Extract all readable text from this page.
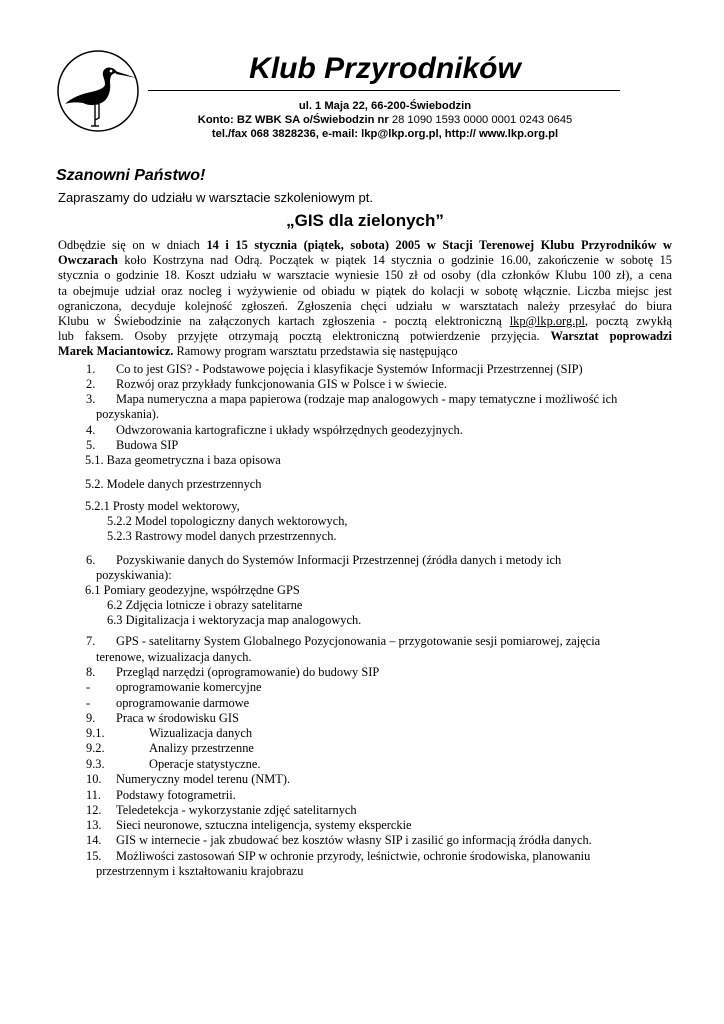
Klub Przyrodników
ul. 1 Maja 22, 66-200-Świebodzin
Konto: BZ WBK SA o/Świebodzin nr 28 1090 1593 0000 0001 0243 0645
tel./fax 068 3828236, e-mail: lkp@lkp.org.pl, http:// www.lkp.org.pl
Szanowni Państwo!
Zapraszamy do udziału w warsztacie szkoleniowym pt.
„GIS dla zielonych”
Odbędzie się on w dniach 14 i 15 stycznia (piątek, sobota) 2005 w Stacji Terenowej Klubu Przyrodników w
Owczarach koło Kostrzyna nad Odrą. Początek w piątek 14 stycznia o godzinie 16.00, zakończenie w sobotę 15
stycznia o godzinie 18. Koszt udziału w warsztacie wyniesie 150 zł od osoby (dla członków Klubu 100 zł), a cena
ta obejmuje udział oraz nocleg i wyżywienie od obiadu w piątek do kolacji w sobotę włącznie. Liczba miejsc jest
ograniczona, decyduje kolejność zgłoszeń. Zgłoszenia chęci udziału w warsztatach należy przesyłać do biura
Klubu w Świebodzinie na załączonych kartach zgłoszenia - pocztą elektroniczną lkp@lkp.org.pl, pocztą zwykłą
lub faksem. Osoby przyjęte otrzymają pocztą elektroniczną potwierdzenie przyjęcia. Warsztat poprowadzi
Marek Maciantowicz. Ramowy program warsztatu przedstawia się następująco
1. Co to jest GIS? - Podstawowe pojęcia i klasyfikacje Systemów Informacji Przestrzennej (SIP)
2. Rozwój oraz przykłady funkcjonowania GIS w Polsce i w świecie.
3. Mapa numeryczna a mapa papierowa (rodzaje map analogowych - mapy tematyczne i możliwość ich
pozyskania).
4. Odwzorowania kartograficzne i układy współrzędnych geodezyjnych.
5. Budowa SIP
5.1. Baza geometryczna i baza opisowa
5.2. Modele danych przestrzennych
5.2.1 Prosty model wektorowy,
5.2.2 Model topologiczny danych wektorowych,
5.2.3 Rastrowy model danych przestrzennych.
6. Pozyskiwanie danych do Systemów Informacji Przestrzennej (źródła danych i metody ich
pozyskiwania):
6.1 Pomiary geodezyjne, współrzędne GPS
6.2 Zdjęcia lotnicze i obrazy satelitarne
6.3 Digitalizacja i wektoryzacja map analogowych.
7. GPS - satelitarny System Globalnego Pozycjonowania – przygotowanie sesji pomiarowej, zajęcia
terenowe, wizualizacja danych.
8. Przegląd narzędzi (oprogramowanie) do budowy SIP
- oprogramowanie komercyjne
- oprogramowanie darmowe
9. Praca w środowisku GIS
9.1.	Wizualizacja danych
9.2.	Analizy przestrzenne
9.3.	Operacje statystyczne.
10. Numeryczny model terenu (NMT).
11. Podstawy fotogrametrii.
12. Teledetekcja - wykorzystanie zdjęć satelitarnych
13. Sieci neuronowe, sztuczna inteligencja, systemy eksperckie
14. GIS w internecie - jak zbudować bez kosztów własny SIP i zasilić go informacją źródła danych.
15. Możliwości zastosowań SIP w ochronie przyrody, leśnictwie, ochronie środowiska, planowaniu
przestrzennym i kształtowaniu krajobrazu
